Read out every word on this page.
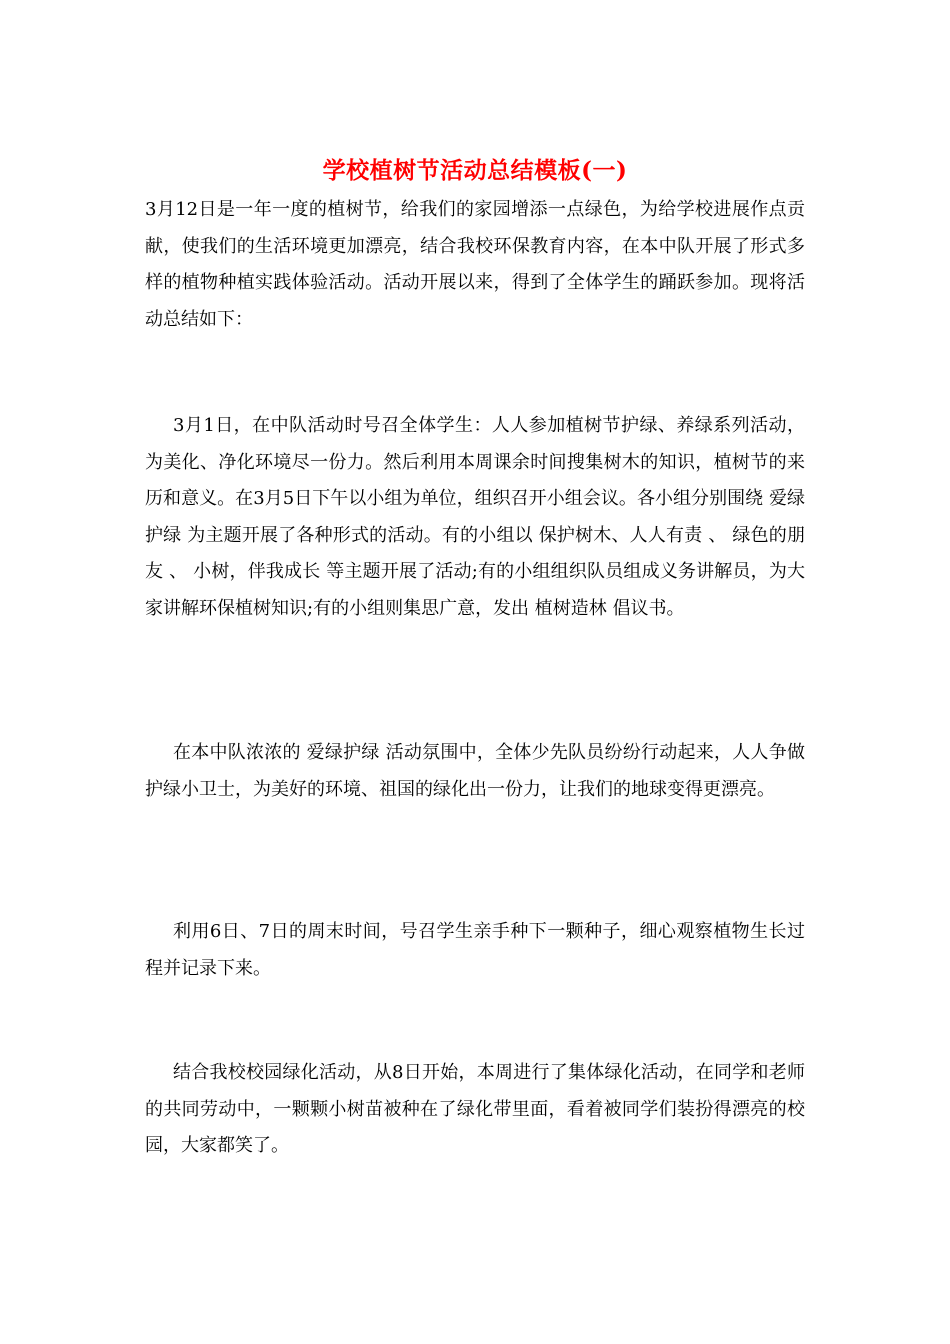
学校植树节活动总结模板(一)

3月12日是一年一度的植树节，给我们的家园增添一点绿色，为给学校进展作点贡献，使我们的生活环境更加漂亮，结合我校环保教育内容，在本中队开展了形式多样的植物种植实践体验活动。活动开展以来，得到了全体学生的踊跃参加。现将活动总结如下：

3月1日，在中队活动时号召全体学生：人人参加植树节护绿、养绿系列活动，为美化、净化环境尽一份力。然后利用本周课余时间搜集树木的知识，植树节的来历和意义。在3月5日下午以小组为单位，组织召开小组会议。各小组分别围绕 爱绿护绿 为主题开展了各种形式的活动。有的小组以 保护树木、人人有责 、 绿色的朋友 、 小树，伴我成长 等主题开展了活动;有的小组组织队员组成义务讲解员，为大家讲解环保植树知识;有的小组则集思广意，发出 植树造林 倡议书。

在本中队浓浓的 爱绿护绿 活动氛围中，全体少先队员纷纷行动起来，人人争做护绿小卫士，为美好的环境、祖国的绿化出一份力，让我们的地球变得更漂亮。

利用6日、7日的周末时间，号召学生亲手种下一颗种子，细心观察植物生长过程并记录下来。

结合我校校园绿化活动，从8日开始，本周进行了集体绿化活动，在同学和老师的共同劳动中，一颗颗小树苗被种在了绿化带里面，看着被同学们装扮得漂亮的校园，大家都笑了。
